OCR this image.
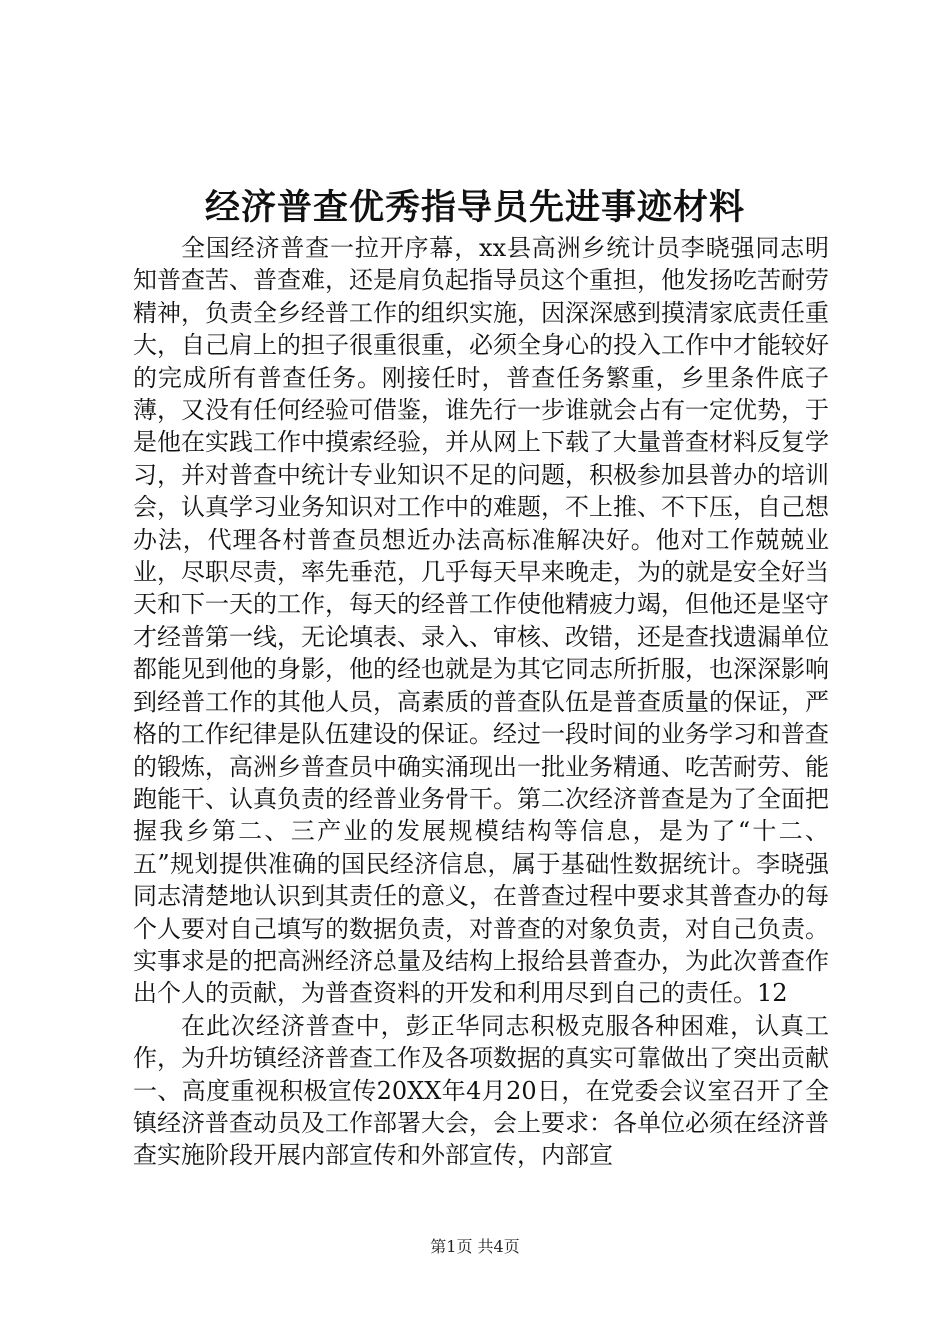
经济普查优秀指导员先进事迹材料

全国经济普查一拉开序幕，xx县高洲乡统计员李晓强同志明知普查苦、普查难，还是肩负起指导员这个重担，他发扬吃苦耐劳精神，负责全乡经普工作的组织实施，因深深感到摸清家底责任重大，自己肩上的担子很重很重，必须全身心的投入工作中才能较好的完成所有普查任务。刚接任时，普查任务繁重，乡里条件底子薄，又没有任何经验可借鉴，谁先行一步谁就会占有一定优势，于是他在实践工作中摸索经验，并从网上下载了大量普查材料反复学习，并对普查中统计专业知识不足的问题，积极参加县普办的培训会，认真学习业务知识对工作中的难题，不上推、不下压，自己想办法，代理各村普查员想近办法高标准解决好。他对工作兢兢业业，尽职尽责，率先垂范，几乎每天早来晚走，为的就是安全好当天和下一天的工作，每天的经普工作使他精疲力竭，但他还是坚守才经普第一线，无论填表、录入、审核、改错，还是查找遗漏单位都能见到他的身影，他的经也就是为其它同志所折服，也深深影响到经普工作的其他人员，高素质的普查队伍是普查质量的保证，严格的工作纪律是队伍建设的保证。经过一段时间的业务学习和普查的锻炼，高洲乡普查员中确实涌现出一批业务精通、吃苦耐劳、能跑能干、认真负责的经普业务骨干。第二次经济普查是为了全面把握我乡第二、三产业的发展规模结构等信息，是为了“十二、五”规划提供准确的国民经济信息，属于基础性数据统计。李晓强同志清楚地认识到其责任的意义，在普查过程中要求其普查办的每个人要对自己填写的数据负责，对普查的对象负责，对自己负责。实事求是的把高洲经济总量及结构上报给县普查办，为此次普查作出个人的贡献，为普查资料的开发和利用尽到自己的责任。12

在此次经济普查中，彭正华同志积极克服各种困难，认真工作，为升坊镇经济普查工作及各项数据的真实可靠做出了突出贡献一、高度重视积极宣传20XX年4月20日，在党委会议室召开了全镇经济普查动员及工作部署大会，会上要求：各单位必须在经济普查实施阶段开展内部宣传和外部宣传，内部宣

第1页 共4页
